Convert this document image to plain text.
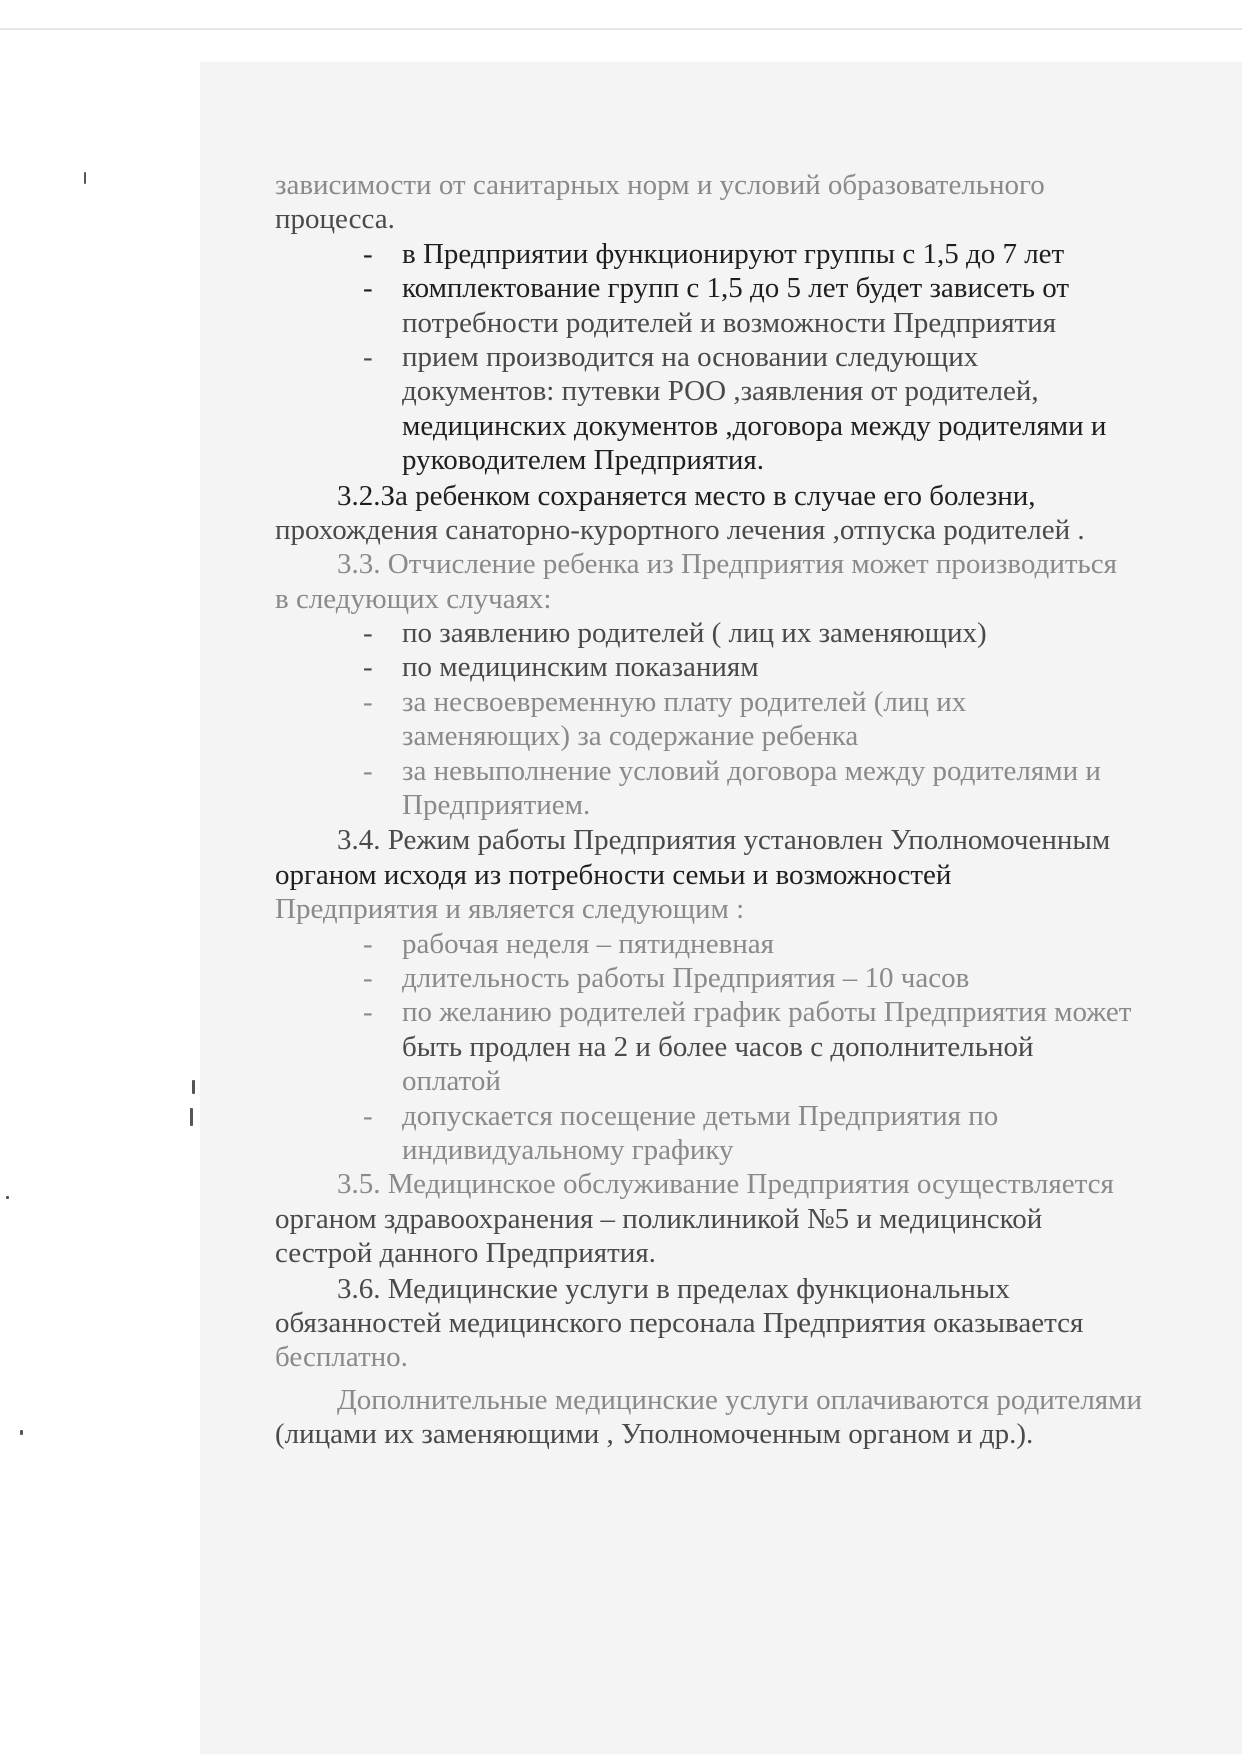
зависимости от санитарных норм и условий образовательного
процесса.
- в Предприятии функционируют группы с 1,5 до 7 лет
- комплектование групп с 1,5 до 5 лет будет зависеть от
потребности родителей и возможности Предприятия
- прием производится на основании следующих
документов: путевки РОО ,заявления от родителей,
медицинских документов ,договора между родителями и
руководителем Предприятия.
3.2.За ребенком сохраняется место в случае его болезни,
прохождения санаторно-курортного лечения ,отпуска родителей .
3.3. Отчисление ребенка из Предприятия может производиться
в следующих случаях:
- по заявлению родителей ( лиц их заменяющих)
- по медицинским показаниям
- за несвоевременную плату родителей (лиц их
заменяющих) за содержание ребенка
- за невыполнение условий договора между родителями и
Предприятием.
3.4. Режим работы Предприятия установлен Уполномоченным
органом исходя из потребности семьи и возможностей
Предприятия и является следующим :
- рабочая неделя – пятидневная
- длительность работы Предприятия – 10 часов
- по желанию родителей график работы Предприятия может
быть продлен на 2 и более часов с дополнительной
оплатой
- допускается посещение детьми Предприятия по
индивидуальному графику
3.5. Медицинское обслуживание Предприятия осуществляется
органом здравоохранения – поликлиникой №5 и медицинской
сестрой данного Предприятия.
3.6. Медицинские услуги в пределах функциональных
обязанностей медицинского персонала Предприятия оказывается
бесплатно.
Дополнительные медицинские услуги оплачиваются родителями
(лицами их заменяющими , Уполномоченным органом и др.).
